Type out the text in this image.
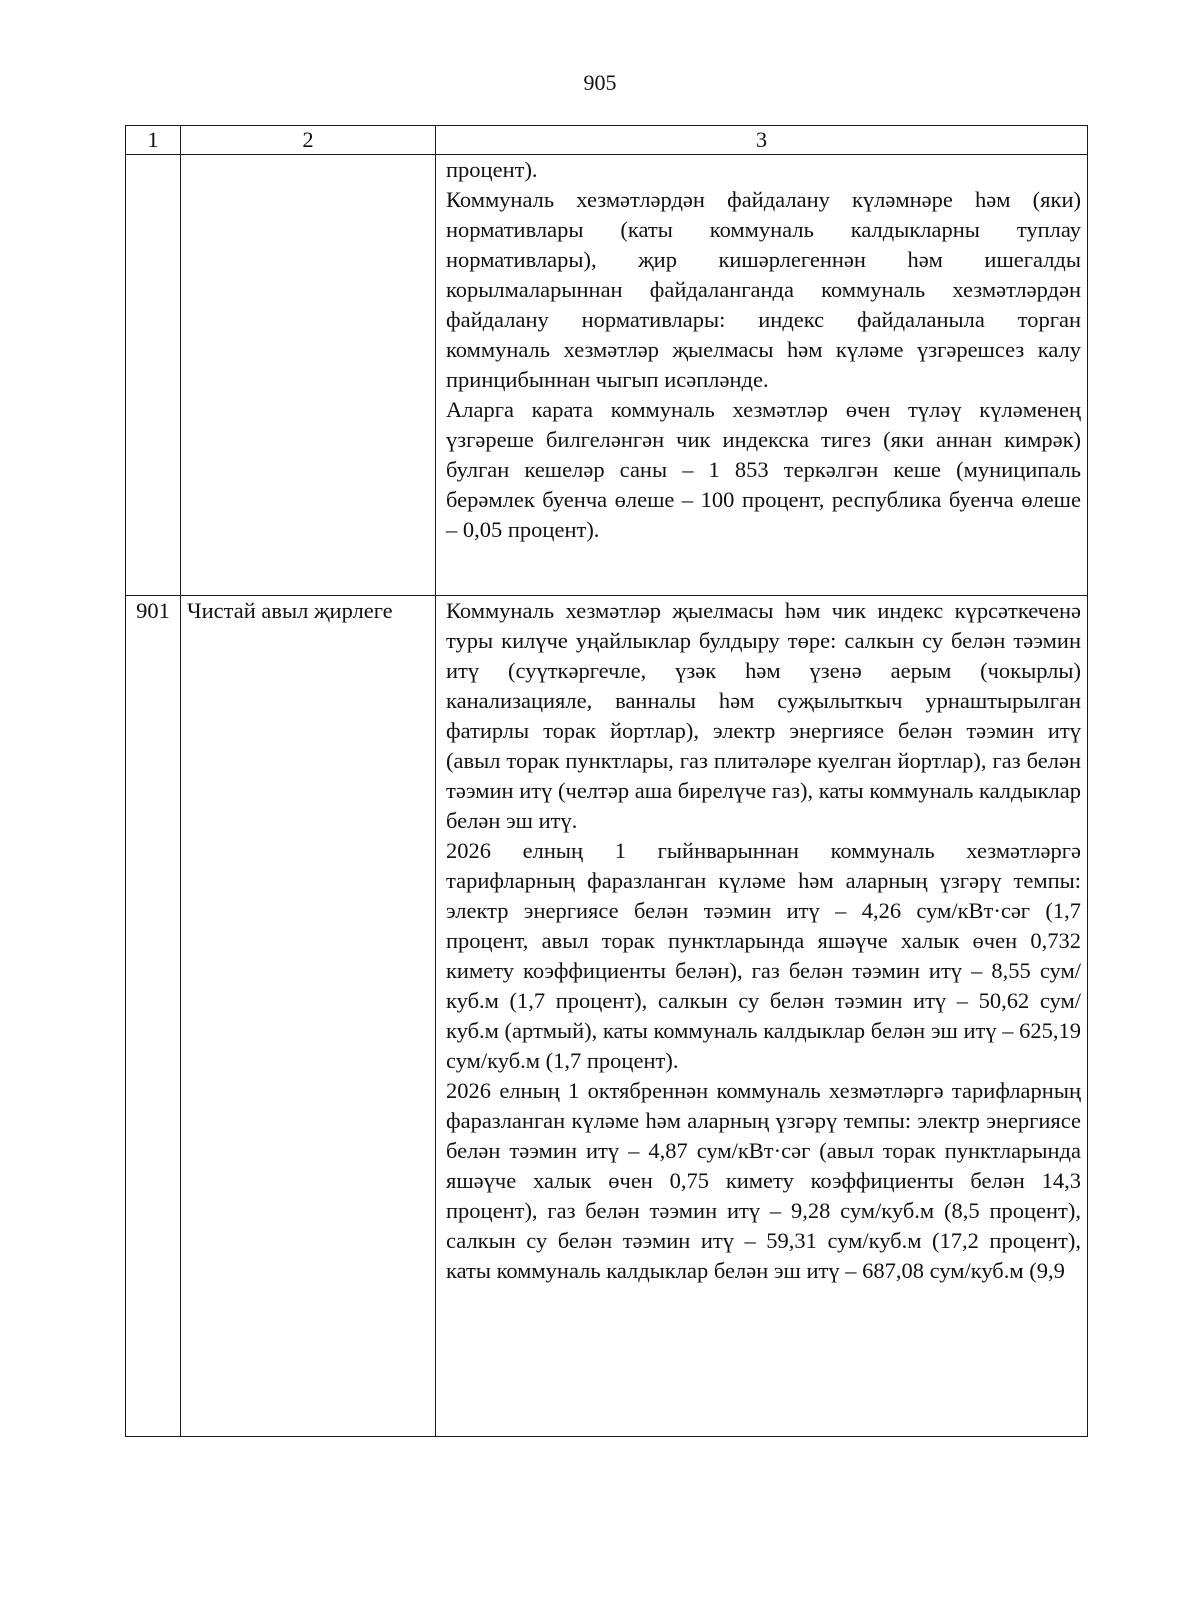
905
1	2	3

		процент).

Коммуналь хезмәтләрдән файдалану күләмнәре һәм (яки) нормативлары (каты коммуналь калдыкларны туплау нормативлары), җир кишәрлегеннән һәм ишегалды корылмаларыннан файдаланганда коммуналь хезмәтләрдән файдалану нормативлары: индекс файдаланыла торган коммуналь хезмәтләр җыелмасы һәм күләме үзгәрешсез калу принцибыннан чыгып исәпләнде.

Аларга карата коммуналь хезмәтләр өчен түләү күләменең үзгәреше билгеләнгән чик индекска тигез (яки аннан кимрәк) булган кешеләр саны – 1 853 теркәлгән кеше (муниципаль берәмлек буенча өлеше – 100 процент, республика буенча өлеше – 0,05 процент).

901	Чистай авыл җирлеге	Коммуналь хезмәтләр җыелмасы һәм чик индекс күрсәткеченә туры килүче уңайлыклар булдыру төре: салкын су белән тәэмин итү (суүткәргечле, үзәк һәм үзенә аерым (чокырлы) канализацияле, ванналы һәм суҗылыткыч урнаштырылган фатирлы торак йортлар), электр энергиясе белән тәэмин итү (авыл торак пунктлары, газ плитәләре куелган йортлар), газ белән тәэмин итү (челтәр аша бирелүче газ), каты коммуналь калдыклар белән эш итү.

2026 елның 1 гыйнварыннан коммуналь хезмәтләргә тарифларның фаразланган күләме һәм аларның үзгәрү темпы: электр энергиясе белән тәэмин итү – 4,26 сум/кВт·сәг (1,7 процент, авыл торак пунктларында яшәүче халык өчен 0,732 кимету коэффициенты белән), газ белән тәэмин итү – 8,55 сум/куб.м (1,7 процент), салкын су белән тәэмин итү – 50,62 сум/куб.м (артмый), каты коммуналь калдыклар белән эш итү – 625,19 сум/куб.м (1,7 процент).

2026 елның 1 октябреннән коммуналь хезмәтләргә тарифларның фаразланган күләме һәм аларның үзгәрү темпы: электр энергиясе белән тәэмин итү – 4,87 сум/кВт·сәг (авыл торак пунктларында яшәүче халык өчен 0,75 кимету коэффициенты белән 14,3 процент), газ белән тәэмин итү – 9,28 сум/куб.м (8,5 процент), салкын су белән тәэмин итү – 59,31 сум/куб.м (17,2 процент), каты коммуналь калдыклар белән эш итү – 687,08 сум/куб.м (9,9
